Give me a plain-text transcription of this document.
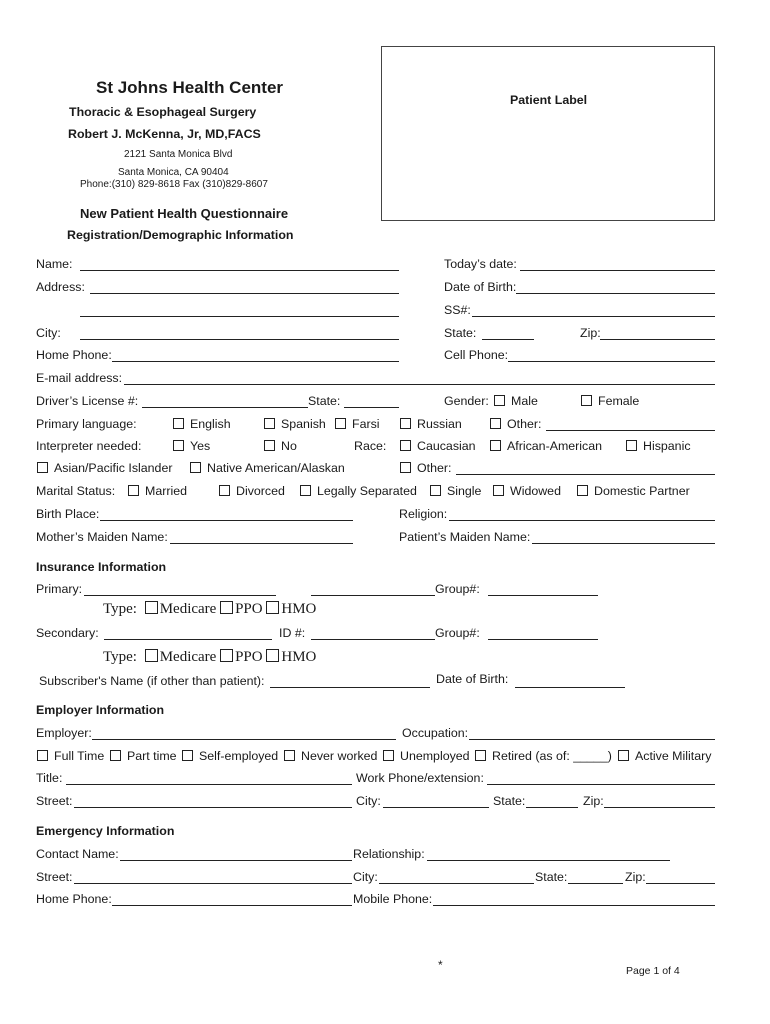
St Johns Health Center
Thoracic & Esophageal Surgery
Robert J. McKenna, Jr, MD,FACS
2121 Santa Monica Blvd
Santa Monica, CA 90404
Phone:(310) 829-8618 Fax (310)829-8607
Patient Label
New Patient Health Questionnaire
Registration/Demographic Information
Name:	Today’s date:
Address:	Date of Birth:
SS#:
City:	State:	Zip:
Home Phone:	Cell Phone:
E-mail address:
Driver’s License #:	State:	Gender: Male	Female
Primary language:	English	Spanish Farsi	Russian	Other:
Interpreter needed:	Yes	No	Race: Caucasian	African-American	Hispanic
Asian/Pacific Islander	Native American/Alaskan	Other:
Marital Status: Married	Divorced	Legally Separated Single Widowed	Domestic Partner
Birth Place:	Religion:
Mother’s Maiden Name:	Patient’s Maiden Name:
Insurance Information
Primary:	Group#:
Type: Medicare PPO HMO
Secondary:	ID #:	Group#:
Type: Medicare PPO HMO
Subscriber's Name (if other than patient):	Date of Birth:
Employer Information
Employer:	Occupation:
Full Time Part time Self-employed Never worked Unemployed Retired (as of: _____) Active Military
Title:	Work Phone/extension:
Street:	City:	State:	Zip:
Emergency Information
Contact Name:	Relationship:
Street:	City:	State:	Zip:
Home Phone:	Mobile Phone:
*	Page 1 of 4
